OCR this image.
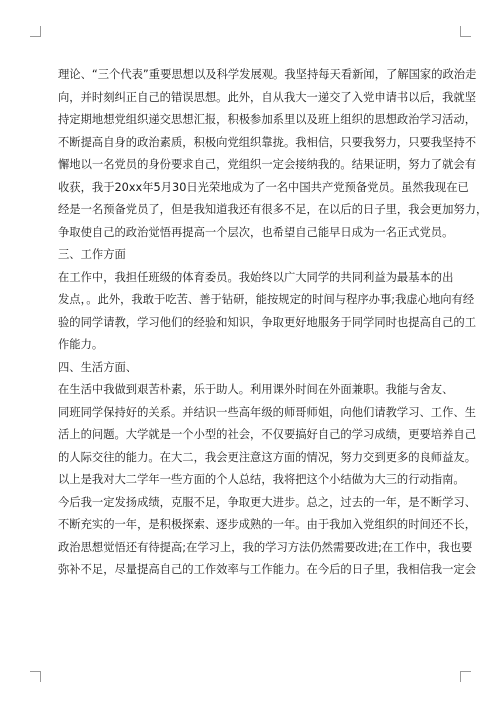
理论、“三个代表”重要思想以及科学发展观。我坚持每天看新闻，了解国家的政治走
向，并时刻纠正自己的错误思想。此外，自从我大一递交了入党申请书以后，我就坚
持定期地想党组织递交思想汇报，积极参加系里以及班上组织的思想政治学习活动，
不断提高自身的政治素质，积极向党组织靠拢。我相信，只要我努力，只要我坚持不
懈地以一名党员的身份要求自己，党组织一定会接纳我的。结果证明，努力了就会有
收获，我于20xx年5月30日光荣地成为了一名中国共产党预备党员。虽然我现在已
经是一名预备党员了，但是我知道我还有很多不足，在以后的日子里，我会更加努力，
争取使自己的政治觉悟再提高一个层次，也希望自己能早日成为一名正式党员。
三、工作方面
在工作中，我担任班级的体育委员。我始终以广大同学的共同利益为最基本的出
发点，。此外，我敢于吃苦、善于钻研，能按规定的时间与程序办事;我虚心地向有经
验的同学请教，学习他们的经验和知识，争取更好地服务于同学同时也提高自己的工
作能力。
四、生活方面、
在生活中我做到艰苦朴素，乐于助人。利用课外时间在外面兼职。我能与舍友、
同班同学保持好的关系。并结识一些高年级的师哥师姐，向他们请教学习、工作、生
活上的问题。大学就是一个小型的社会，不仅要搞好自己的学习成绩，更要培养自己
的人际交往的能力。在大二，我会更注意这方面的情况，努力交到更多的良师益友。
以上是我对大二学年一些方面的个人总结，我将把这个小结做为大三的行动指南。
今后我一定发扬成绩，克服不足，争取更大进步。总之，过去的一年，是不断学习、
不断充实的一年，是积极探索、逐步成熟的一年。由于我加入党组织的时间还不长，
政治思想觉悟还有待提高;在学习上，我的学习方法仍然需要改进;在工作中，我也要
弥补不足，尽量提高自己的工作效率与工作能力。在今后的日子里，我相信我一定会
